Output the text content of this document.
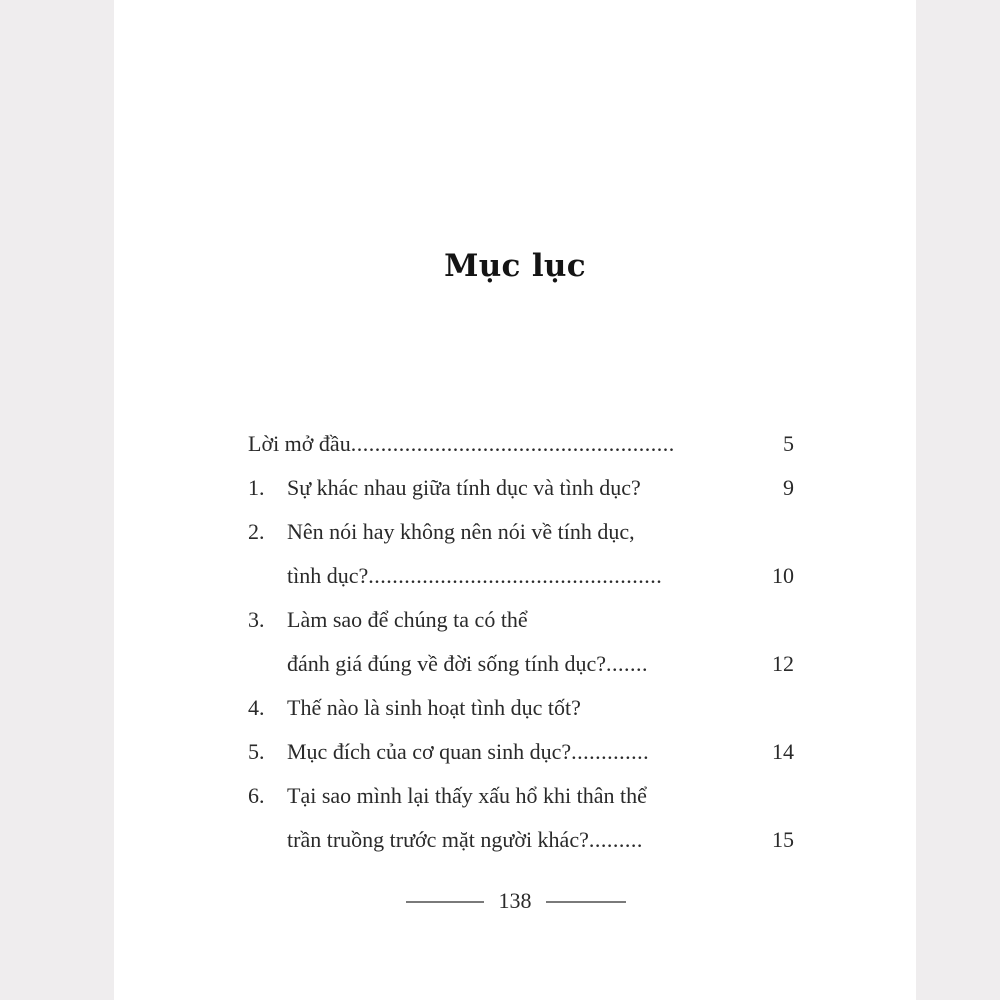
Mục lục
Lời mở đầu......................................................	5
1. Sự khác nhau giữa tính dục và tình dục?	9
2. Nên nói hay không nên nói về tính dục,
tình dục?.................................................	10
3. Làm sao để chúng ta có thể
đánh giá đúng về đời sống tính dục?.......	12
4. Thế nào là sinh hoạt tình dục tốt?
5. Mục đích của cơ quan sinh dục?.............	14
6. Tại sao mình lại thấy xấu hổ khi thân thể
trần truồng trước mặt người khác?.........	15
138
